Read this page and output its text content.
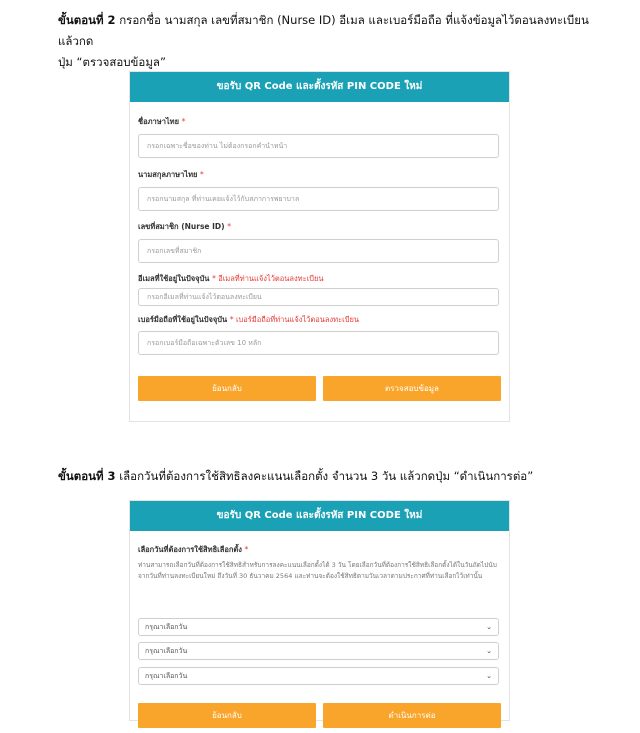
ขั้นตอนที่ 2 กรอกชื่อ นามสกุล เลขที่สมาชิก (Nurse ID) อีเมล และเบอร์มือถือ ที่แจ้งข้อมูลไว้ตอนลงทะเบียน แล้วกด
ปุ่ม “ตรวจสอบข้อมูล”
ขอรับ QR Code และตั้งรหัส PIN CODE ใหม่
ชื่อภาษาไทย *
กรอกเฉพาะชื่อของท่าน ไม่ต้องกรอกคำนำหน้า
นามสกุลภาษาไทย *
กรอกนามสกุล ที่ท่านเคยแจ้งไว้กับสภาการพยาบาล
เลขที่สมาชิก (Nurse ID) *
กรอกเลขที่สมาชิก
อีเมลที่ใช้อยู่ในปัจจุบัน * อีเมลที่ท่านแจ้งไว้ตอนลงทะเบียน
กรอกอีเมลที่ท่านแจ้งไว้ตอนลงทะเบียน
เบอร์มือถือที่ใช้อยู่ในปัจจุบัน * เบอร์มือถือที่ท่านแจ้งไว้ตอนลงทะเบียน
กรอกเบอร์มือถือเฉพาะตัวเลข 10 หลัก
ย้อนกลับ	ตรวจสอบข้อมูล
ขั้นตอนที่ 3 เลือกวันที่ต้องการใช้สิทธิลงคะแนนเลือกตั้ง จำนวน 3 วัน แล้วกดปุ่ม “ดำเนินการต่อ”
ขอรับ QR Code และตั้งรหัส PIN CODE ใหม่
เลือกวันที่ต้องการใช้สิทธิเลือกตั้ง *
ท่านสามารถเลือกวันที่ต้องการใช้สิทธิสำหรับการลงคะแนนเลือกตั้งได้ 3 วัน โดยเลือกวันที่ต้องการใช้สิทธิเลือกตั้งได้ในวันถัดไปนับ
จากวันที่ท่านลงทะเบียนใหม่ ถึงวันที่ 30 ธันวาคม 2564 และท่านจะต้องใช้สิทธิตามวันเวลาตามประกาศที่ท่านเลือกไว้เท่านั้น
กรุณาเลือกวัน	⌄
กรุณาเลือกวัน	⌄
กรุณาเลือกวัน	⌄
ย้อนกลับ	ดำเนินการต่อ
